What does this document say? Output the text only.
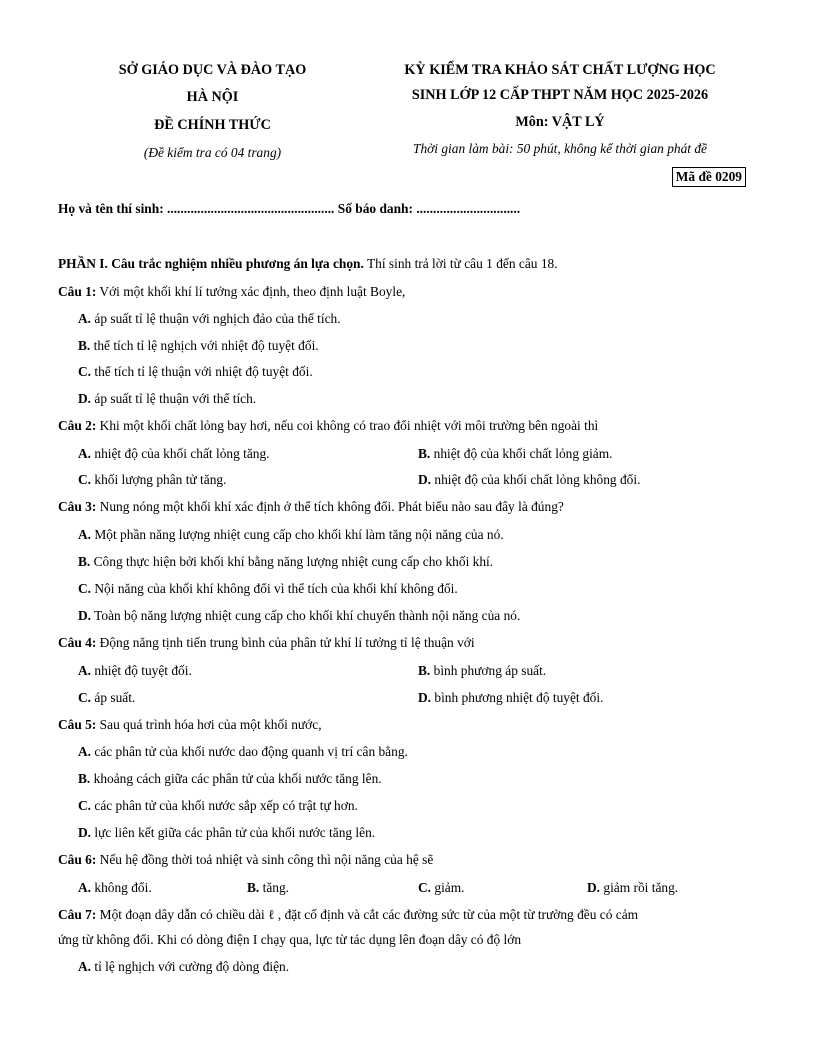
SỞ GIÁO DỤC VÀ ĐÀO TẠO
HÀ NỘI
ĐỀ CHÍNH THỨC
(Đề kiểm tra có 04 trang)
KỲ KIỂM TRA KHẢO SÁT CHẤT LƯỢNG HỌC
SINH LỚP 12 CẤP THPT NĂM HỌC 2025-2026
Môn: VẬT LÝ
Thời gian làm bài: 50 phút, không kể thời gian phát đề
Mã đề 0209
Họ và tên thí sinh: .................................................. Số báo danh: ...............................
PHẦN I. Câu trắc nghiệm nhiều phương án lựa chọn. Thí sinh trả lời từ câu 1 đến câu 18.
Câu 1: Với một khối khí lí tưởng xác định, theo định luật Boyle,
A. áp suất tỉ lệ thuận với nghịch đảo của thể tích.
B. thể tích tỉ lệ nghịch với nhiệt độ tuyệt đối.
C. thể tích tỉ lệ thuận với nhiệt độ tuyệt đối.
D. áp suất tỉ lệ thuận với thể tích.
Câu 2: Khi một khối chất lỏng bay hơi, nếu coi không có trao đổi nhiệt với môi trường bên ngoài thì
A. nhiệt độ của khối chất lỏng tăng.	B. nhiệt độ của khối chất lỏng giảm.
C. khối lượng phân tử tăng.	D. nhiệt độ của khối chất lỏng không đổi.
Câu 3: Nung nóng một khối khí xác định ở thể tích không đổi. Phát biểu nào sau đây là đúng?
A. Một phần năng lượng nhiệt cung cấp cho khối khí làm tăng nội năng của nó.
B. Công thực hiện bởi khối khí bằng năng lượng nhiệt cung cấp cho khối khí.
C. Nội năng của khối khí không đổi vì thể tích của khối khí không đổi.
D. Toàn bộ năng lượng nhiệt cung cấp cho khối khí chuyển thành nội năng của nó.
Câu 4: Động năng tịnh tiến trung bình của phân tử khí lí tưởng tỉ lệ thuận với
A. nhiệt độ tuyệt đối.	B. bình phương áp suất.
C. áp suất.	D. bình phương nhiệt độ tuyệt đối.
Câu 5: Sau quá trình hóa hơi của một khối nước,
A. các phân tử của khối nước dao động quanh vị trí cân bằng.
B. khoảng cách giữa các phân tử của khối nước tăng lên.
C. các phân tử của khối nước sắp xếp có trật tự hơn.
D. lực liên kết giữa các phân tử của khối nước tăng lên.
Câu 6: Nếu hệ đồng thời toả nhiệt và sinh công thì nội năng của hệ sẽ
A. không đổi.	B. tăng.	C. giảm.	D. giảm rồi tăng.
Câu 7: Một đoạn dây dẫn có chiều dài ℓ , đặt cố định và cắt các đường sức từ của một từ trường đều có cảm
ứng từ không đổi. Khi có dòng điện I chạy qua, lực từ tác dụng lên đoạn dây có độ lớn
A. tỉ lệ nghịch với cường độ dòng điện.
